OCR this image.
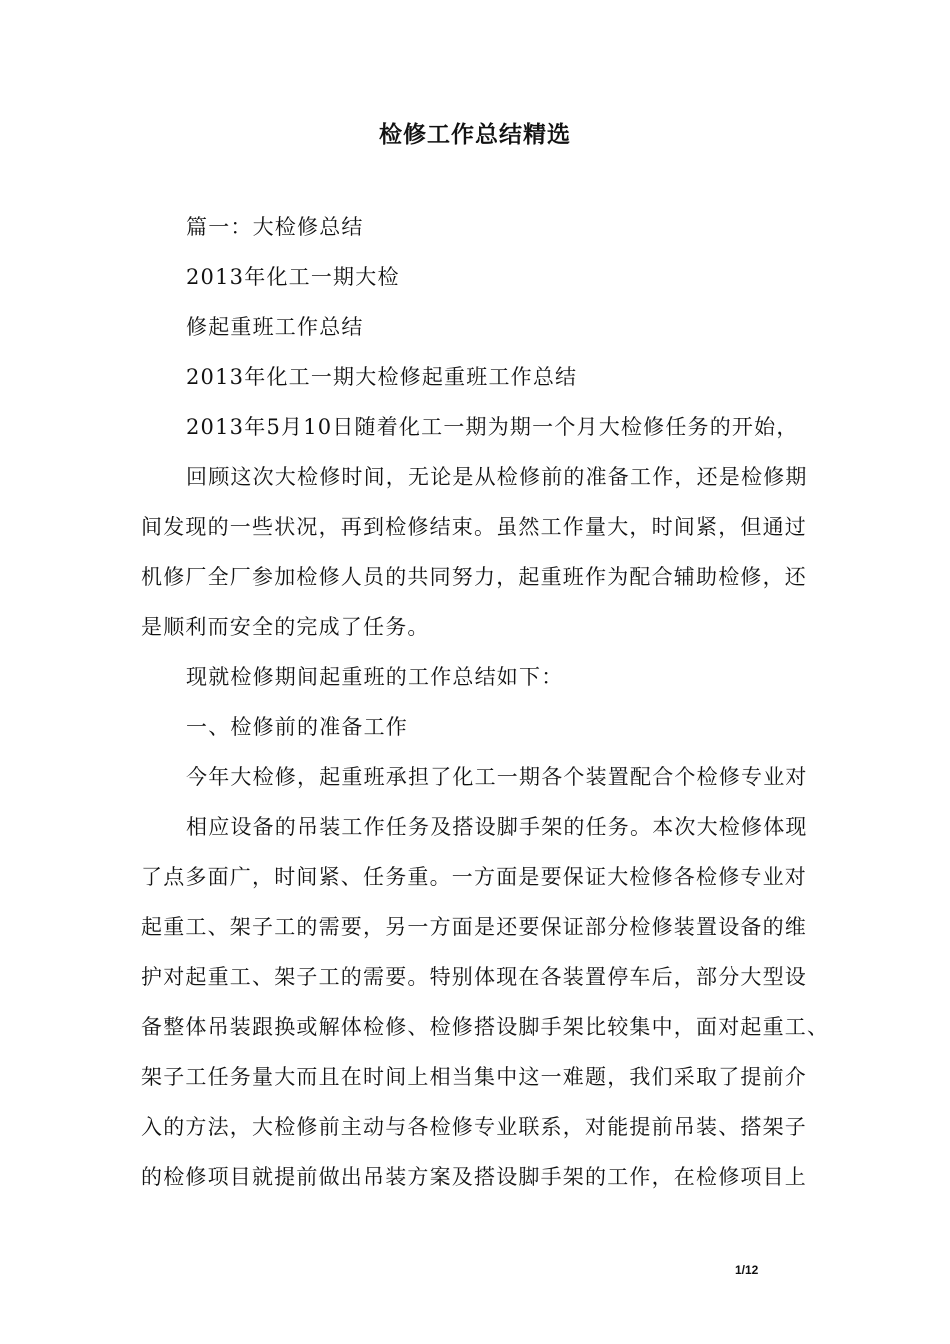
检修工作总结精选
篇一：大检修总结
2013年化工一期大检
修起重班工作总结
2013年化工一期大检修起重班工作总结
2013年5月10日随着化工一期为期一个月大检修任务的开始，
回顾这次大检修时间，无论是从检修前的准备工作，还是检修期
间发现的一些状况，再到检修结束。虽然工作量大，时间紧，但通过
机修厂全厂参加检修人员的共同努力，起重班作为配合辅助检修，还
是顺利而安全的完成了任务。
现就检修期间起重班的工作总结如下：
一、检修前的准备工作
今年大检修，起重班承担了化工一期各个装置配合个检修专业对
相应设备的吊装工作任务及搭设脚手架的任务。本次大检修体现
了点多面广，时间紧、任务重。一方面是要保证大检修各检修专业对
起重工、架子工的需要，另一方面是还要保证部分检修装置设备的维
护对起重工、架子工的需要。特别体现在各装置停车后，部分大型设
备整体吊装跟换或解体检修、检修搭设脚手架比较集中，面对起重工、
架子工任务量大而且在时间上相当集中这一难题，我们采取了提前介
入的方法，大检修前主动与各检修专业联系，对能提前吊装、搭架子
的检修项目就提前做出吊装方案及搭设脚手架的工作，在检修项目上
1/12
